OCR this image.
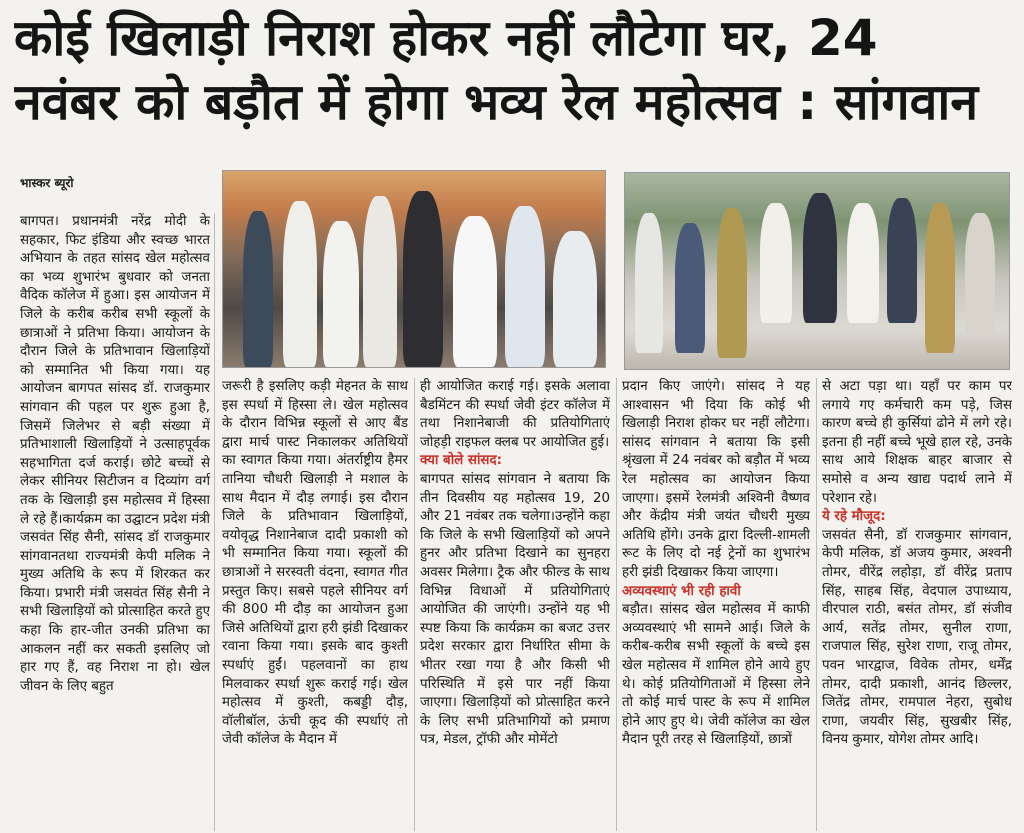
कोई खिलाड़ी निराश होकर नहीं लौटेगा घर, 24
नवंबर को बड़ौत में होगा भव्य रेल महोत्सव : सांगवान
भास्कर ब्यूरो
बागपत। प्रधानमंत्री नरेंद्र मोदी के सहकार, फिट इंडिया और स्वच्छ भारत अभियान के तहत सांसद खेल महोत्सव का भव्य शुभारंभ बुधवार को जनता वैदिक कॉलेज में हुआ। इस आयोजन में जिले के करीब करीब सभी स्कूलों के छात्राओं ने प्रतिभा किया। आयोजन के दौरान जिले के प्रतिभावान खिलाड़ियों को सम्मानित भी किया गया। यह आयोजन बागपत सांसद डॉ. राजकुमार सांगवान की पहल पर शुरू हुआ है, जिसमें जिलेभर से बड़ी संख्या में प्रतिभाशाली खिलाड़ियों ने उत्साहपूर्वक सहभागिता दर्ज कराई। छोटे बच्चों से लेकर सीनियर सिटीजन व दिव्यांग वर्ग तक के खिलाड़ी इस महोत्सव में हिस्सा ले रहे हैं।कार्यक्रम का उद्घाटन प्रदेश मंत्री जसवंत सिंह सैनी, सांसद डॉ राजकुमार सांगवानतथा राज्यमंत्री केपी मलिक ने मुख्य अतिथि के रूप में शिरकत कर किया। प्रभारी मंत्री जसवंत सिंह सैनी ने सभी खिलाड़ियों को प्रोत्साहित करते हुए कहा कि हार-जीत उनकी प्रतिभा का आकलन नहीं कर सकती इसलिए जो हार गए हैं, वह निराश ना हो। खेल जीवन के लिए बहुत
जरूरी है इसलिए कड़ी मेहनत के साथ इस स्पर्धा में हिस्सा ले। खेल महोत्सव के दौरान विभिन्न स्कूलों से आए बैंड द्वारा मार्च पास्ट निकालकर अतिथियों का स्वागत किया गया। अंतर्राष्ट्रीय हैमर तानिया चौधरी खिलाड़ी ने मशाल के साथ मैदान में दौड़ लगाई। इस दौरान जिले के प्रतिभावान खिलाड़ियों, वयोवृद्ध निशानेबाज दादी प्रकाशी को भी सम्मानित किया गया। स्कूलों की छात्राओं ने सरस्वती वंदना, स्वागत गीत प्रस्तुत किए। सबसे पहले सीनियर वर्ग की 800 मी दौड़ का आयोजन हुआ जिसे अतिथियों द्वारा हरी झंडी दिखाकर रवाना किया गया। इसके बाद कुश्ती स्पर्धाएं हुईं। पहलवानों का हाथ मिलवाकर स्पर्धा शुरू कराई गई। खेल महोत्सव में कुश्ती, कबड्डी दौड़, वॉलीबॉल, ऊंची कूद की स्पर्धाएं तो जेवी कॉलेज के मैदान में
ही आयोजित कराई गई। इसके अलावा बैडमिंटन की स्पर्धा जेवी इंटर कॉलेज में तथा निशानेबाजी की प्रतियोगिताएं जोहड़ी राइफल क्लब पर आयोजित हुई।
क्या बोले सांसद:
बागपत सांसद सांगवान ने बताया कि तीन दिवसीय यह महोत्सव 19, 20 और 21 नवंबर तक चलेगा।उन्होंने कहा कि जिले के सभी खिलाड़ियों को अपने हुनर और प्रतिभा दिखाने का सुनहरा अवसर मिलेगा। ट्रैक और फील्ड के साथ विभिन्न विधाओं में प्रतियोगिताएं आयोजित की जाएंगी। उन्होंने यह भी स्पष्ट किया कि कार्यक्रम का बजट उत्तर प्रदेश सरकार द्वारा निर्धारित सीमा के भीतर रखा गया है और किसी भी परिस्थिति में इसे पार नहीं किया जाएगा। खिलाड़ियों को प्रोत्साहित करने के लिए सभी प्रतिभागियों को प्रमाण पत्र, मेडल, ट्रॉफी और मोमेंटो
प्रदान किए जाएंगे। सांसद ने यह आश्वासन भी दिया कि कोई भी खिलाड़ी निराश होकर घर नहीं लौटेगा। सांसद सांगवान ने बताया कि इसी श्रृंखला में 24 नवंबर को बड़ौत में भव्य रेल महोत्सव का आयोजन किया जाएगा। इसमें रेलमंत्री अश्विनी वैष्णव और केंद्रीय मंत्री जयंत चौधरी मुख्य अतिथि होंगे। उनके द्वारा दिल्ली-शामली रूट के लिए दो नई ट्रेनों का शुभारंभ हरी झंडी दिखाकर किया जाएगा।
अव्यवस्थाएं भी रही हावी
बड़ौत। सांसद खेल महोत्सव में काफी अव्यवस्थाएं भी सामने आई। जिले के करीब-करीब सभी स्कूलों के बच्चे इस खेल महोत्सव में शामिल होने आये हुए थे। कोई प्रतियोगिताओं में हिस्सा लेने तो कोई मार्च पास्ट के रूप में शामिल होने आए हुए थे। जेवी कॉलेज का खेल मैदान पूरी तरह से खिलाड़ियों, छात्रों
से अटा पड़ा था। यहाँ पर काम पर लगाये गए कर्मचारी कम पड़े, जिस कारण बच्चे ही कुर्सियां ढोने में लगे रहे। इतना ही नहीं बच्चे भूखे हाल रहे, उनके साथ आये शिक्षक बाहर बाजार से समोसे व अन्य खाद्य पदार्थ लाने में परेशान रहे।
ये रहे मौजूद:
जसवंत सैनी, डॉ राजकुमार सांगवान, केपी मलिक, डॉ अजय कुमार, अश्वनी तोमर, वीरेंद्र लहोड़ा, डॉ वीरेंद्र प्रताप सिंह, साहब सिंह, वेदपाल उपाध्याय, वीरपाल राठी, बसंत तोमर, डॉ संजीव आर्य, सतेंद्र तोमर, सुनील राणा, राजपाल सिंह, सुरेश राणा, राजू तोमर, पवन भारद्वाज, विवेक तोमर, धर्मेंद्र तोमर, दादी प्रकाशी, आनंद छिल्लर, जितेंद्र तोमर, रामपाल नेहरा, सुबोध राणा, जयवीर सिंह, सुखबीर सिंह, विनय कुमार, योगेश तोमर आदि।
